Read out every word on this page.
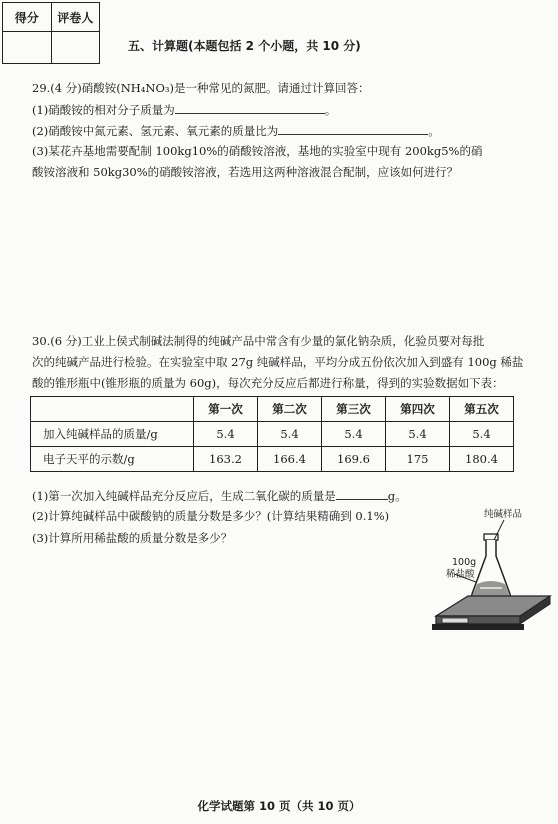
得分	评卷人
五、计算题(本题包括 2 个小题，共 10 分)
29.(4 分)硝酸铵(NH₄NO₃)是一种常见的氮肥。请通过计算回答：
(1)硝酸铵的相对分子质量为	。
(2)硝酸铵中氮元素、氢元素、氧元素的质量比为	。
(3)某花卉基地需要配制 100kg10%的硝酸铵溶液，基地的实验室中现有 200kg5%的硝
酸铵溶液和 50kg30%的硝酸铵溶液，若选用这两种溶液混合配制，应该如何进行？
30.(6 分)工业上侯式制碱法制得的纯碱产品中常含有少量的氯化钠杂质，化验员要对每批
次的纯碱产品进行检验。在实验室中取 27g 纯碱样品，平均分成五份依次加入到盛有 100g 稀盐
酸的锥形瓶中(锥形瓶的质量为 60g)，每次充分反应后都进行称量，得到的实验数据如下表：
	第一次	第二次	第三次	第四次	第五次
加入纯碱样品的质量/g	5.4	5.4	5.4	5.4	5.4
电子天平的示数/g	163.2	166.4	169.6	175	180.4
(1)第一次加入纯碱样品充分反应后，生成二氧化碳的质量是	g。
(2)计算纯碱样品中碳酸钠的质量分数是多少？(计算结果精确到 0.1%)
(3)计算所用稀盐酸的质量分数是多少？
纯碱样品
100g
稀盐酸
化学试题第 10 页（共 10 页）
